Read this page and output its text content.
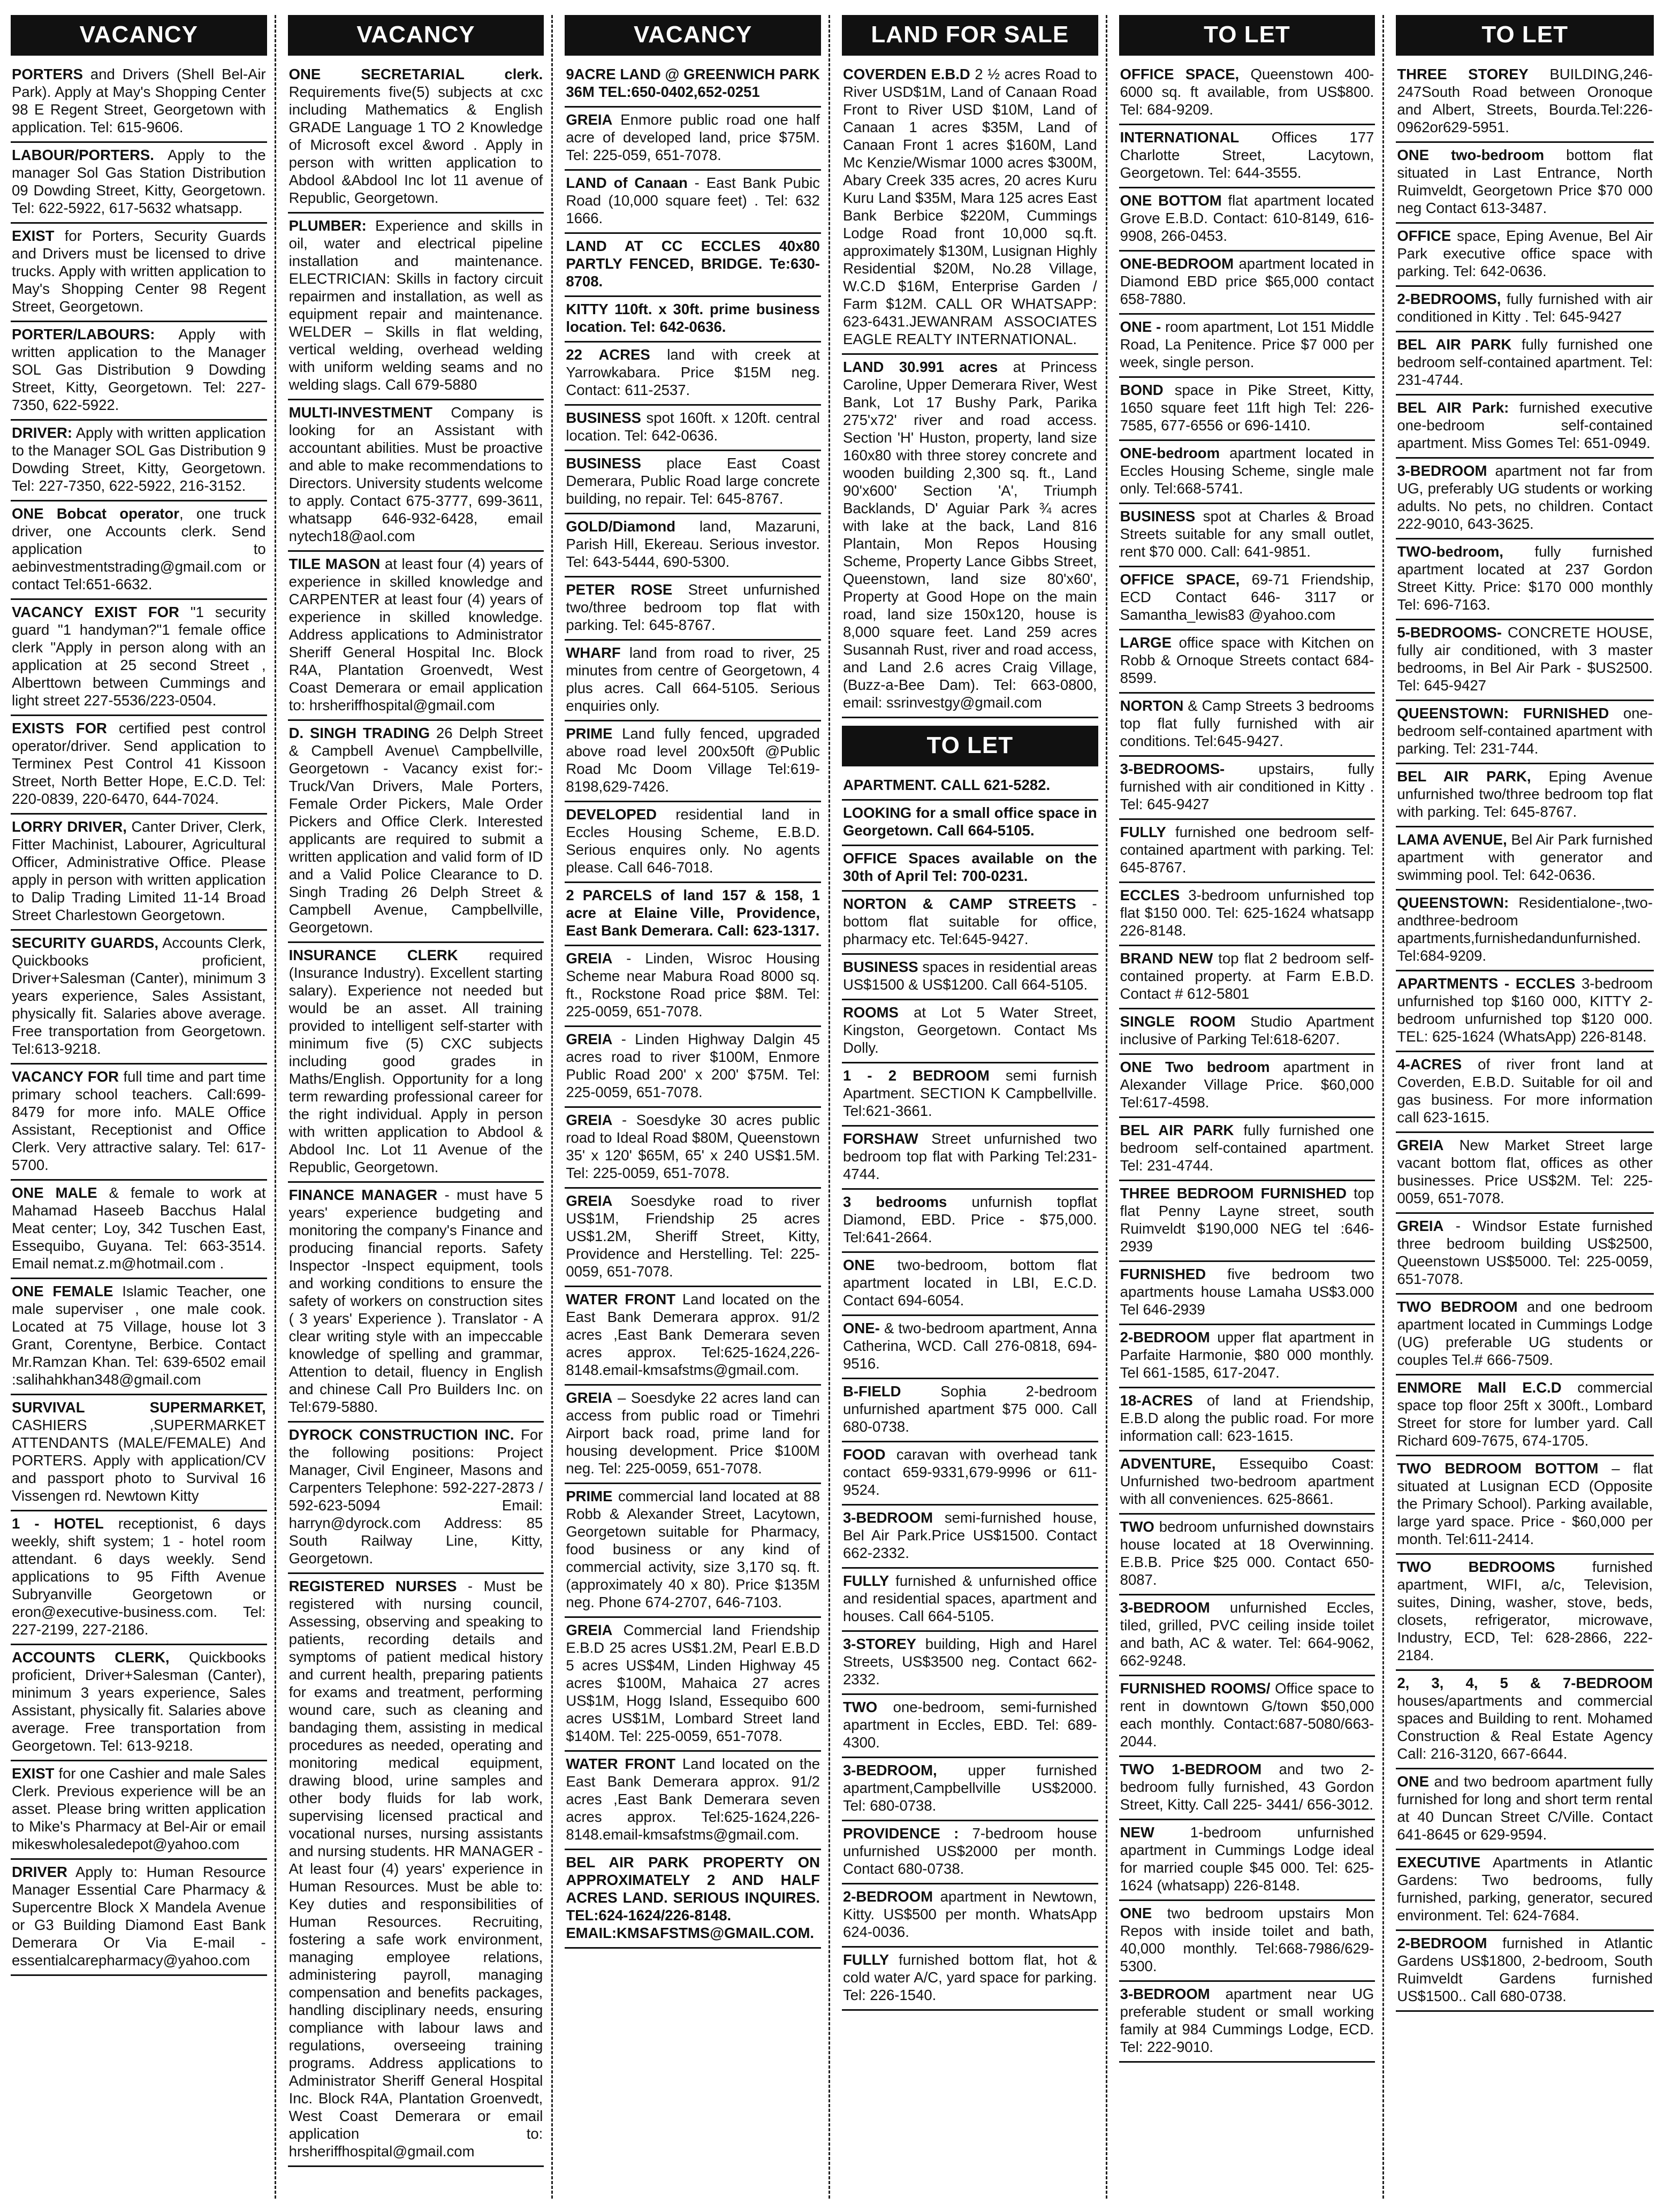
VACANCY
PORTERS and Drivers (Shell Bel-Air Park). Apply at May's Shopping Center 98 E Regent Street, Georgetown with application. Tel: 615-9606.
LABOUR/PORTERS. Apply to the manager Sol Gas Station Distribution 09 Dowding Street, Kitty, Georgetown. Tel: 622-5922, 617-5632 whatsapp.
EXIST for Porters, Security Guards and Drivers must be licensed to drive trucks. Apply with written application to May's Shopping Center 98 Regent Street, Georgetown.
PORTER/LABOURS: Apply with written application to the Manager SOL Gas Distribution 9 Dowding Street, Kitty, Georgetown. Tel: 227-7350, 622-5922.
DRIVER: Apply with written application to the Manager SOL Gas Distribution 9 Dowding Street, Kitty, Georgetown. Tel: 227-7350, 622-5922, 216-3152.
ONE Bobcat operator, one truck driver, one Accounts clerk. Send application to aebinvestmentstrading@gmail.com or contact Tel:651-6632.
VACANCY EXIST FOR "1 security guard "1 handyman?"1 female office clerk "Apply in person along with an application at 25 second Street , Alberttown between Cummings and light street 227-5536/223-0504.
EXISTS FOR certified pest control operator/driver. Send application to Terminex Pest Control 41 Kissoon Street, North Better Hope, E.C.D. Tel: 220-0839, 220-6470, 644-7024.
LORRY DRIVER, Canter Driver, Clerk, Fitter Machinist, Labourer, Agricultural Officer, Administrative Office. Please apply in person with written application to Dalip Trading Limited 11-14 Broad Street Charlestown Georgetown.
SECURITY GUARDS, Accounts Clerk, Quickbooks proficient, Driver+Salesman (Canter), minimum 3 years experience, Sales Assistant, physically fit. Salaries above average. Free transportation from Georgetown. Tel:613-9218.
VACANCY FOR full time and part time primary school teachers. Call:699-8479 for more info. MALE Office Assistant, Receptionist and Office Clerk. Very attractive salary. Tel: 617-5700.
ONE MALE & female to work at Mahamad Haseeb Bacchus Halal Meat center; Loy, 342 Tuschen East, Essequibo, Guyana. Tel: 663-3514. Email nemat.z.m@hotmail.com .
ONE FEMALE Islamic Teacher, one male superviser , one male cook. Located at 75 Village, house lot 3 Grant, Corentyne, Berbice. Contact Mr.Ramzan Khan. Tel: 639-6502 email :salihahkhan348@gmail.com
SURVIVAL SUPERMARKET, CASHIERS ,SUPERMARKET ATTENDANTS (MALE/FEMALE) And PORTERS. Apply with application/CV and passport photo to Survival 16 Vissengen rd. Newtown Kitty
1 - HOTEL receptionist, 6 days weekly, shift system; 1 - hotel room attendant. 6 days weekly. Send applications to 95 Fifth Avenue Subryanville Georgetown or eron@executive-business.com. Tel: 227-2199, 227-2186.
ACCOUNTS CLERK, Quickbooks proficient, Driver+Salesman (Canter), minimum 3 years experience, Sales Assistant, physically fit. Salaries above average. Free transportation from Georgetown. Tel: 613-9218.
EXIST for one Cashier and male Sales Clerk. Previous experience will be an asset. Please bring written application to Mike's Pharmacy at Bel-Air or email mikeswholesaledepot@yahoo.com
DRIVER Apply to: Human Resource Manager Essential Care Pharmacy & Supercentre Block X Mandela Avenue or G3 Building Diamond East Bank Demerara Or Via E-mail - essentialcarepharmacy@yahoo.com
VACANCY
ONE SECRETARIAL clerk. Requirements five(5) subjects at cxc including Mathematics & English GRADE Language 1 TO 2 Knowledge of Microsoft excel &word . Apply in person with written application to Abdool &Abdool Inc lot 11 avenue of Republic, Georgetown.
PLUMBER: Experience and skills in oil, water and electrical pipeline installation and maintenance. ELECTRICIAN: Skills in factory circuit repairmen and installation, as well as equipment repair and maintenance. WELDER – Skills in flat welding, vertical welding, overhead welding with uniform welding seams and no welding slags. Call 679-5880
MULTI-INVESTMENT Company is looking for an Assistant with accountant abilities. Must be proactive and able to make recommendations to Directors. University students welcome to apply. Contact 675-3777, 699-3611, whatsapp 646-932-6428, email nytech18@aol.com
TILE MASON at least four (4) years of experience in skilled knowledge and CARPENTER at least four (4) years of experience in skilled knowledge. Address applications to Administrator Sheriff General Hospital Inc. Block R4A, Plantation Groenvedt, West Coast Demerara or email application to: hrsheriffhospital@gmail.com
D. SINGH TRADING 26 Delph Street & Campbell Avenue\ Campbellville, Georgetown - Vacancy exist for:-Truck/Van Drivers, Male Porters, Female Order Pickers, Male Order Pickers and Office Clerk. Interested applicants are required to submit a written application and valid form of ID and a Valid Police Clearance to D. Singh Trading 26 Delph Street & Campbell Avenue, Campbellville, Georgetown.
INSURANCE CLERK required (Insurance Industry). Excellent starting salary). Experience not needed but would be an asset. All training provided to intelligent self-starter with minimum five (5) CXC subjects including good grades in Maths/English. Opportunity for a long term rewarding professional career for the right individual. Apply in person with written application to Abdool & Abdool Inc. Lot 11 Avenue of the Republic, Georgetown.
FINANCE MANAGER - must have 5 years' experience budgeting and monitoring the company's Finance and producing financial reports. Safety Inspector -Inspect equipment, tools and working conditions to ensure the safety of workers on construction sites ( 3 years' Experience ). Translator - A clear writing style with an impeccable knowledge of spelling and grammar, Attention to detail, fluency in English and chinese Call Pro Builders Inc. on Tel:679-5880.
DYROCK CONSTRUCTION INC. For the following positions: Project Manager, Civil Engineer, Masons and Carpenters Telephone: 592-227-2873 / 592-623-5094 Email: harryn@dyrock.com Address: 85 South Railway Line, Kitty, Georgetown.
REGISTERED NURSES - Must be registered with nursing council, Assessing, observing and speaking to patients, recording details and symptoms of patient medical history and current health, preparing patients for exams and treatment, performing wound care, such as cleaning and bandaging them, assisting in medical procedures as needed, operating and monitoring medical equipment, drawing blood, urine samples and other body fluids for lab work, supervising licensed practical and vocational nurses, nursing assistants and nursing students. HR MANAGER - At least four (4) years' experience in Human Resources. Must be able to: Key duties and responsibilities of Human Resources. Recruiting, fostering a safe work environment, managing employee relations, administering payroll, managing compensation and benefits packages, handling disciplinary needs, ensuring compliance with labour laws and regulations, overseeing training programs. Address applications to Administrator Sheriff General Hospital Inc. Block R4A, Plantation Groenvedt, West Coast Demerara or email application to: hrsheriffhospital@gmail.com
VACANCY
9ACRE LAND @ GREENWICH PARK 36M TEL:650-0402,652-0251
GREIA Enmore public road one half acre of developed land, price $75M. Tel: 225-059, 651-7078.
LAND of Canaan - East Bank Pubic Road (10,000 square feet) . Tel: 632 1666.
LAND AT CC ECCLES 40x80 PARTLY FENCED, BRIDGE. Te:630-8708.
KITTY 110ft. x 30ft. prime business location. Tel: 642-0636.
22 ACRES land with creek at Yarrowkabara. Price $15M neg. Contact: 611-2537.
BUSINESS spot 160ft. x 120ft. central location. Tel: 642-0636.
BUSINESS place East Coast Demerara, Public Road large concrete building, no repair. Tel: 645-8767.
GOLD/Diamond land, Mazaruni, Parish Hill, Ekereau. Serious investor. Tel: 643-5444, 690-5300.
PETER ROSE Street unfurnished two/three bedroom top flat with parking. Tel: 645-8767.
WHARF land from road to river, 25 minutes from centre of Georgetown, 4 plus acres. Call 664-5105. Serious enquiries only.
PRIME Land fully fenced, upgraded above road level 200x50ft @Public Road Mc Doom Village Tel:619-8198,629-7426.
DEVELOPED residential land in Eccles Housing Scheme, E.B.D. Serious enquires only. No agents please. Call 646-7018.
2 PARCELS of land 157 & 158, 1 acre at Elaine Ville, Providence, East Bank Demerara. Call: 623-1317.
GREIA - Linden, Wisroc Housing Scheme near Mabura Road 8000 sq. ft., Rockstone Road price $8M. Tel: 225-0059, 651-7078.
GREIA - Linden Highway Dalgin 45 acres road to river $100M, Enmore Public Road 200' x 200' $75M. Tel: 225-0059, 651-7078.
GREIA - Soesdyke 30 acres public road to Ideal Road $80M, Queenstown 35' x 120' $65M, 65' x 240 US$1.5M. Tel: 225-0059, 651-7078.
GREIA Soesdyke road to river US$1M, Friendship 25 acres US$1.2M, Sheriff Street, Kitty, Providence and Herstelling. Tel: 225-0059, 651-7078.
WATER FRONT Land located on the East Bank Demerara approx. 91/2 acres ,East Bank Demerara seven acres approx. Tel:625-1624,226-8148.email-kmsafstms@gmail.com.
GREIA – Soesdyke 22 acres land can access from public road or Timehri Airport back road, prime land for housing development. Price $100M neg. Tel: 225-0059, 651-7078.
PRIME commercial land located at 88 Robb & Alexander Street, Lacytown, Georgetown suitable for Pharmacy, food business or any kind of commercial activity, size 3,170 sq. ft. (approximately 40 x 80). Price $135M neg. Phone 674-2707, 646-7103.
GREIA Commercial land Friendship E.B.D 25 acres US$1.2M, Pearl E.B.D 5 acres US$4M, Linden Highway 45 acres $100M, Mahaica 27 acres US$1M, Hogg Island, Essequibo 600 acres US$1M, Lombard Street land $140M. Tel: 225-0059, 651-7078.
WATER FRONT Land located on the East Bank Demerara approx. 91/2 acres ,East Bank Demerara seven acres approx. Tel:625-1624,226-8148.email-kmsafstms@gmail.com.
BEL AIR PARK PROPERTY ON APPROXIMATELY 2 AND HALF ACRES LAND. SERIOUS INQUIRES. TEL:624-1624/226-8148. EMAIL:KMSAFSTMS@GMAIL.COM.
LAND FOR SALE
COVERDEN E.B.D 2 ½ acres Road to River USD$1M, Land of Canaan Road Front to River USD $10M, Land of Canaan 1 acres $35M, Land of Canaan Front 1 acres $160M, Land Mc Kenzie/Wismar 1000 acres $300M, Abary Creek 335 acres, 20 acres Kuru Kuru Land $35M, Mara 125 acres East Bank Berbice $220M, Cummings Lodge Road front 10,000 sq.ft. approximately $130M, Lusignan Highly Residential $20M, No.28 Village, W.C.D $16M, Enterprise Garden / Farm $12M. CALL OR WHATSAPP: 623-6431.JEWANRAM ASSOCIATES EAGLE REALTY INTERNATIONAL.
LAND 30.991 acres at Princess Caroline, Upper Demerara River, West Bank, Lot 17 Bushy Park, Parika 275'x72' river and road access. Section 'H' Huston, property, land size 160x80 with three storey concrete and wooden building 2,300 sq. ft., Land 90'x600' Section 'A', Triumph Backlands, D' Aguiar Park ¾ acres with lake at the back, Land 816 Plantain, Mon Repos Housing Scheme, Property Lance Gibbs Street, Queenstown, land size 80'x60', Property at Good Hope on the main road, land size 150x120, house is 8,000 square feet. Land 259 acres Susannah Rust, river and road access, and Land 2.6 acres Craig Village, (Buzz-a-Bee Dam). Tel: 663-0800, email: ssrinvestgy@gmail.com
TO LET
APARTMENT. CALL 621-5282.
LOOKING for a small office space in Georgetown. Call 664-5105.
OFFICE Spaces available on the 30th of April Tel: 700-0231.
NORTON & CAMP STREETS - bottom flat suitable for office, pharmacy etc. Tel:645-9427.
BUSINESS spaces in residential areas US$1500 & US$1200. Call 664-5105.
ROOMS at Lot 5 Water Street, Kingston, Georgetown. Contact Ms Dolly.
1 - 2 BEDROOM semi furnish Apartment. SECTION K Campbellville. Tel:621-3661.
FORSHAW Street unfurnished two bedroom top flat with Parking Tel:231-4744.
3 bedrooms unfurnish topflat Diamond, EBD. Price - $75,000. Tel:641-2664.
ONE two-bedroom, bottom flat apartment located in LBI, E.C.D. Contact 694-6054.
ONE- & two-bedroom apartment, Anna Catherina, WCD. Call 276-0818, 694-9516.
B-FIELD Sophia 2-bedroom unfurnished apartment $75 000. Call 680-0738.
FOOD caravan with overhead tank contact 659-9331,679-9996 or 611-9524.
3-BEDROOM semi-furnished house, Bel Air Park.Price US$1500. Contact 662-2332.
FULLY furnished & unfurnished office and residential spaces, apartment and houses. Call 664-5105.
3-STOREY building, High and Harel Streets, US$3500 neg. Contact 662-2332.
TWO one-bedroom, semi-furnished apartment in Eccles, EBD. Tel: 689-4300.
3-BEDROOM, upper furnished apartment,Campbellville US$2000. Tel: 680-0738.
PROVIDENCE : 7-bedroom house unfurnished US$2000 per month. Contact 680-0738.
2-BEDROOM apartment in Newtown, Kitty. US$500 per month. WhatsApp 624-0036.
FULLY furnished bottom flat, hot & cold water A/C, yard space for parking. Tel: 226-1540.
TO LET
OFFICE SPACE, Queenstown 400-6000 sq. ft available, from US$800. Tel: 684-9209.
INTERNATIONAL Offices 177 Charlotte Street, Lacytown, Georgetown. Tel: 644-3555.
ONE BOTTOM flat apartment located Grove E.B.D. Contact: 610-8149, 616-9908, 266-0453.
ONE-BEDROOM apartment located in Diamond EBD price $65,000 contact 658-7880.
ONE - room apartment, Lot 151 Middle Road, La Penitence. Price $7 000 per week, single person.
BOND space in Pike Street, Kitty, 1650 square feet 11ft high Tel: 226-7585, 677-6556 or 696-1410.
ONE-bedroom apartment located in Eccles Housing Scheme, single male only. Tel:668-5741.
BUSINESS spot at Charles & Broad Streets suitable for any small outlet, rent $70 000. Call: 641-9851.
OFFICE SPACE, 69-71 Friendship, ECD Contact 646- 3117 or Samantha_lewis83 @yahoo.com
LARGE office space with Kitchen on Robb & Ornoque Streets contact 684-8599.
NORTON & Camp Streets 3 bedrooms top flat fully furnished with air conditions. Tel:645-9427.
3-BEDROOMS- upstairs, fully furnished with air conditioned in Kitty . Tel: 645-9427
FULLY furnished one bedroom self-contained apartment with parking. Tel: 645-8767.
ECCLES 3-bedroom unfurnished top flat $150 000. Tel: 625-1624 whatsapp 226-8148.
BRAND NEW top flat 2 bedroom self-contained property. at Farm E.B.D. Contact # 612-5801
SINGLE ROOM Studio Apartment inclusive of Parking Tel:618-6207.
ONE Two bedroom apartment in Alexander Village Price. $60,000 Tel:617-4598.
BEL AIR PARK fully furnished one bedroom self-contained apartment. Tel: 231-4744.
THREE BEDROOM FURNISHED top flat Penny Layne street, south Ruimveldt $190,000 NEG tel :646-2939
FURNISHED five bedroom two apartments house Lamaha US$3.000 Tel 646-2939
2-BEDROOM upper flat apartment in Parfaite Harmonie, $80 000 monthly. Tel 661-1585, 617-2047.
18-ACRES of land at Friendship, E.B.D along the public road. For more information call: 623-1615.
ADVENTURE, Essequibo Coast: Unfurnished two-bedroom apartment with all conveniences. 625-8661.
TWO bedroom unfurnished downstairs house located at 18 Overwinning. E.B.B. Price $25 000. Contact 650-8087.
3-BEDROOM unfurnished Eccles, tiled, grilled, PVC ceiling inside toilet and bath, AC & water. Tel: 664-9062, 662-9248.
FURNISHED ROOMS/ Office space to rent in downtown G/town $50,000 each monthly. Contact:687-5080/663-2044.
TWO 1-BEDROOM and two 2-bedroom fully furnished, 43 Gordon Street, Kitty. Call 225- 3441/ 656-3012.
NEW 1-bedroom unfurnished apartment in Cummings Lodge ideal for married couple $45 000. Tel: 625-1624 (whatsapp) 226-8148.
ONE two bedroom upstairs Mon Repos with inside toilet and bath, 40,000 monthly. Tel:668-7986/629-5300.
3-BEDROOM apartment near UG preferable student or small working family at 984 Cummings Lodge, ECD. Tel: 222-9010.
TO LET
THREE STOREY BUILDING,246-247South Road between Oronoque and Albert, Streets, Bourda.Tel:226-0962or629-5951.
ONE two-bedroom bottom flat situated in Last Entrance, North Ruimveldt, Georgetown Price $70 000 neg Contact 613-3487.
OFFICE space, Eping Avenue, Bel Air Park executive office space with parking. Tel: 642-0636.
2-BEDROOMS, fully furnished with air conditioned in Kitty . Tel: 645-9427
BEL AIR PARK fully furnished one bedroom self-contained apartment. Tel: 231-4744.
BEL AIR Park: furnished executive one-bedroom self-contained apartment. Miss Gomes Tel: 651-0949.
3-BEDROOM apartment not far from UG, preferably UG students or working adults. No pets, no children. Contact 222-9010, 643-3625.
TWO-bedroom, fully furnished apartment located at 237 Gordon Street Kitty. Price: $170 000 monthly Tel: 696-7163.
5-BEDROOMS- CONCRETE HOUSE, fully air conditioned, with 3 master bedrooms, in Bel Air Park - $US2500. Tel: 645-9427
QUEENSTOWN: FURNISHED one-bedroom self-contained apartment with parking. Tel: 231-744.
BEL AIR PARK, Eping Avenue unfurnished two/three bedroom top flat with parking. Tel: 645-8767.
LAMA AVENUE, Bel Air Park furnished apartment with generator and swimming pool. Tel: 642-0636.
QUEENSTOWN: Residentialone-,two-andthree-bedroom apartments,furnishedandunfurnished. Tel:684-9209.
APARTMENTS - ECCLES 3-bedroom unfurnished top $160 000, KITTY 2-bedroom unfurnished top $120 000. TEL: 625-1624 (WhatsApp) 226-8148.
4-ACRES of river front land at Coverden, E.B.D. Suitable for oil and gas business. For more information call 623-1615.
GREIA New Market Street large vacant bottom flat, offices as other businesses. Price US$2M. Tel: 225-0059, 651-7078.
GREIA - Windsor Estate furnished three bedroom building US$2500, Queenstown US$5000. Tel: 225-0059, 651-7078.
TWO BEDROOM and one bedroom apartment located in Cummings Lodge (UG) preferable UG students or couples Tel.# 666-7509.
ENMORE Mall E.C.D commercial space top floor 25ft x 300ft., Lombard Street for store for lumber yard. Call Richard 609-7675, 674-1705.
TWO BEDROOM BOTTOM – flat situated at Lusignan ECD (Opposite the Primary School). Parking available, large yard space. Price - $60,000 per month. Tel:611-2414.
TWO BEDROOMS furnished apartment, WIFI, a/c, Television, suites, Dining, washer, stove, beds, closets, refrigerator, microwave, Industry, ECD, Tel: 628-2866, 222-2184.
2, 3, 4, 5 & 7-BEDROOM houses/apartments and commercial spaces and Building to rent. Mohamed Construction & Real Estate Agency Call: 216-3120, 667-6644.
ONE and two bedroom apartment fully furnished for long and short term rental at 40 Duncan Street C/Ville. Contact 641-8645 or 629-9594.
EXECUTIVE Apartments in Atlantic Gardens: Two bedrooms, fully furnished, parking, generator, secured environment. Tel: 624-7684.
2-BEDROOM furnished in Atlantic Gardens US$1800, 2-bedroom, South Ruimveldt Gardens furnished US$1500.. Call 680-0738.
